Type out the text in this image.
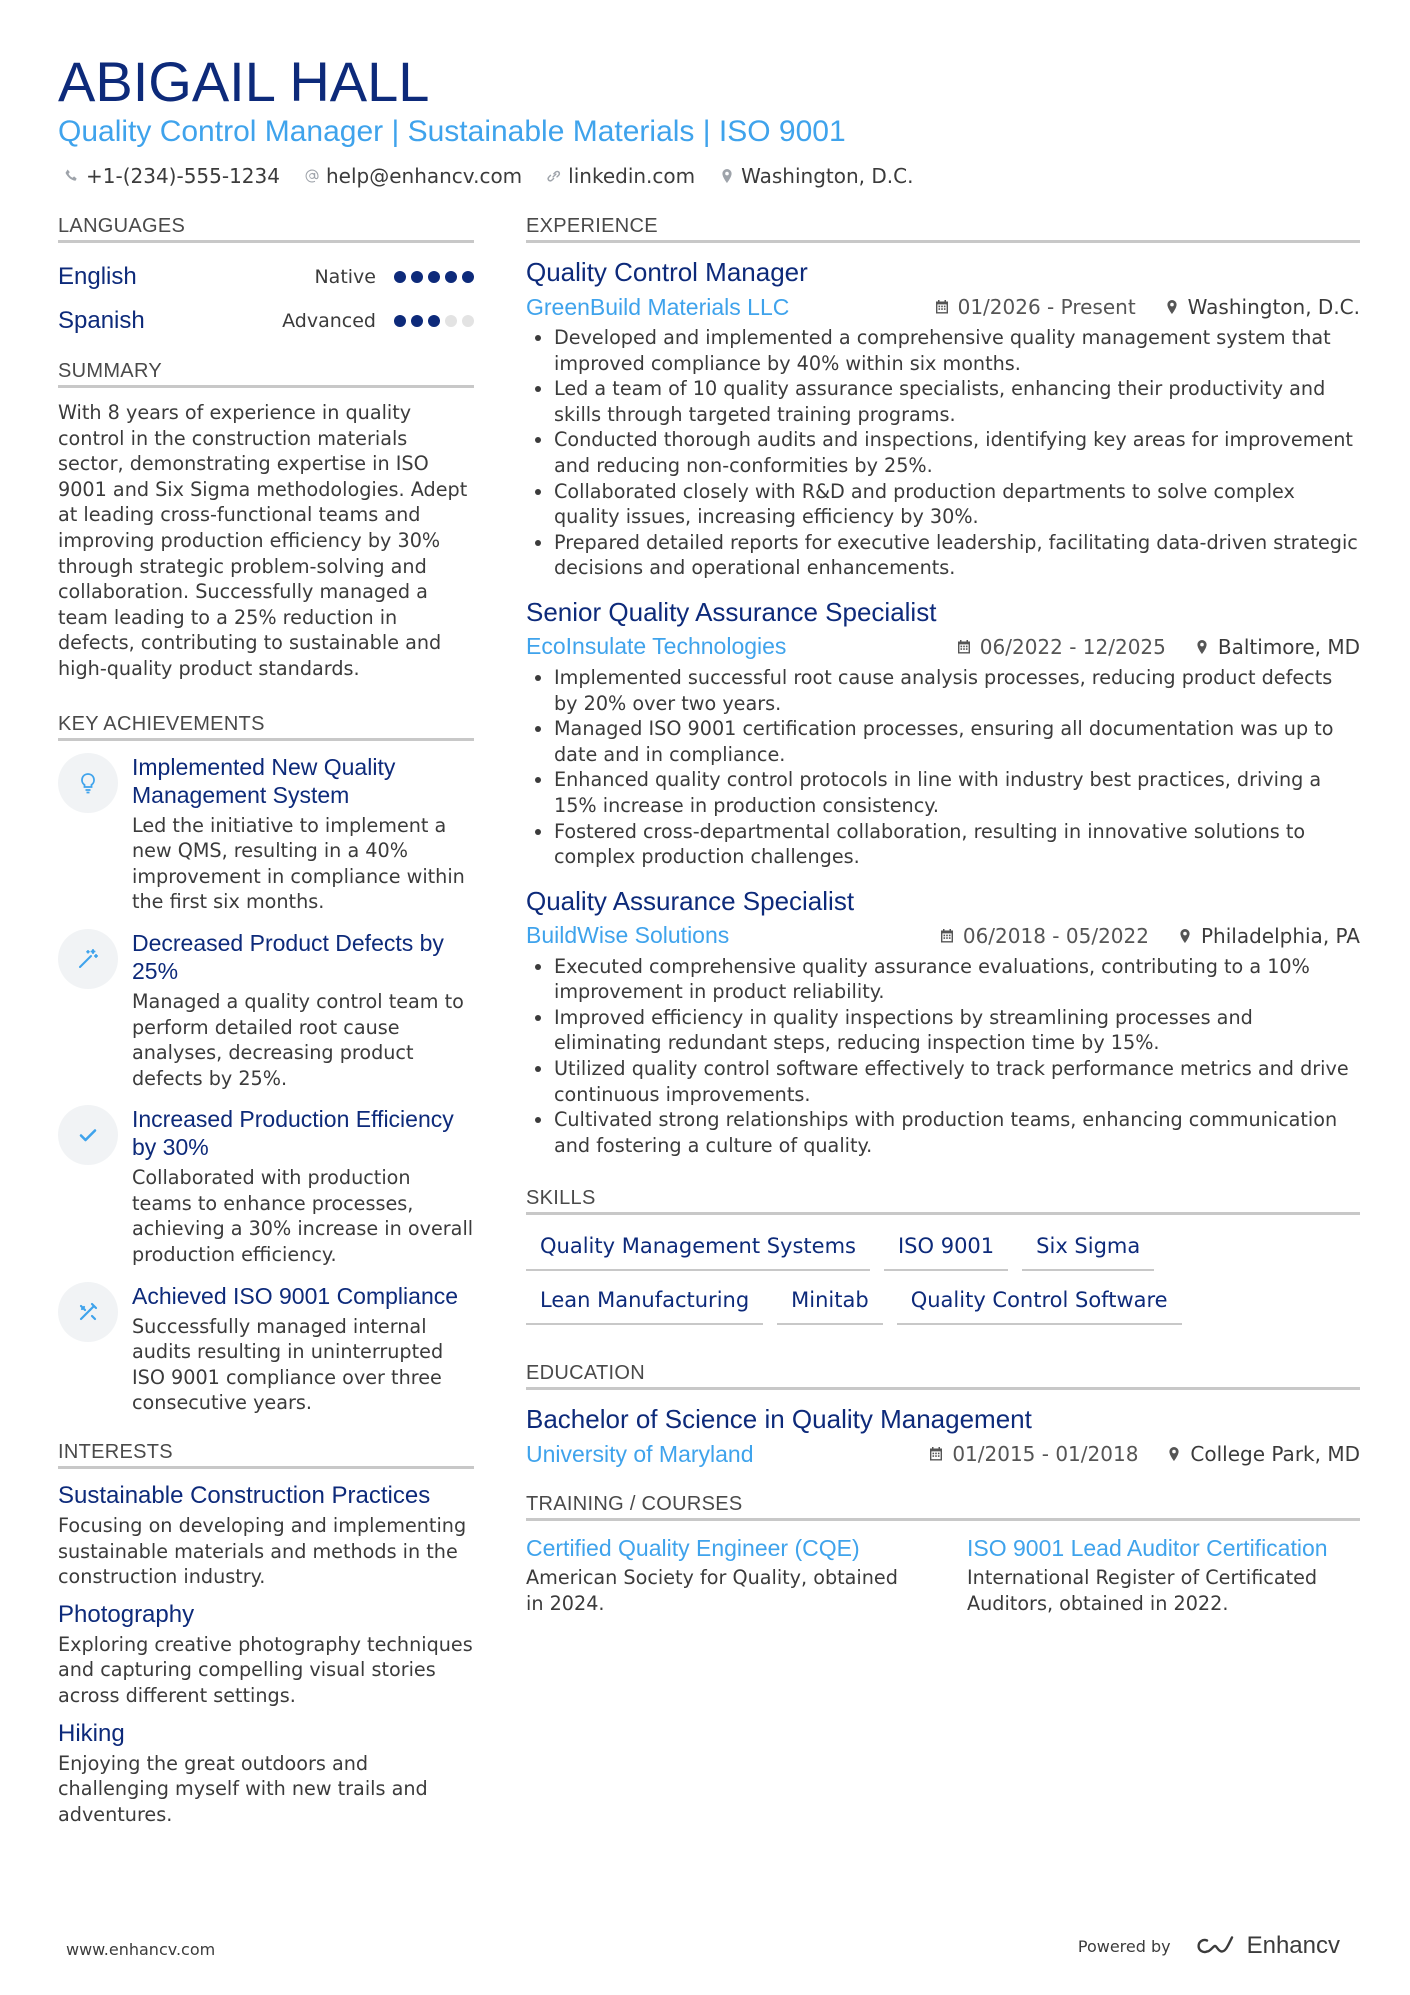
ABIGAIL HALL
Quality Control Manager | Sustainable Materials | ISO 9001
+1-(234)-555-1234 help@enhancv.com linkedin.com Washington, D.C.
LANGUAGES
English	Native
Spanish	Advanced
SUMMARY

With 8 years of experience in quality control in the construction materials sector, demonstrating expertise in ISO 9001 and Six Sigma methodologies. Adept at leading cross-functional teams and improving production efficiency by 30% through strategic problem-solving and collaboration. Successfully managed a team leading to a 25% reduction in defects, contributing to sustainable and high-quality product standards.

KEY ACHIEVEMENTS
Implemented New Quality Management System

Led the initiative to implement a new QMS, resulting in a 40% improvement in compliance within the first six months.

Decreased Product Defects by 25%

Managed a quality control team to perform detailed root cause analyses, decreasing product defects by 25%.

Increased Production Efficiency by 30%

Collaborated with production teams to enhance processes, achieving a 30% increase in overall production efficiency.

Achieved ISO 9001 Compliance

Successfully managed internal audits resulting in uninterrupted ISO 9001 compliance over three consecutive years.

INTERESTS
Sustainable Construction Practices

Focusing on developing and implementing sustainable materials and methods in the construction industry.

Photography

Exploring creative photography techniques and capturing compelling visual stories across different settings.

Hiking

Enjoying the great outdoors and challenging myself with new trails and adventures.

EXPERIENCE
Quality Control Manager
GreenBuild Materials LLC	01/2026 - Present	Washington, D.C.
• Developed and implemented a comprehensive quality management system that improved compliance by 40% within six months.
• Led a team of 10 quality assurance specialists, enhancing their productivity and skills through targeted training programs.
• Conducted thorough audits and inspections, identifying key areas for improvement and reducing non-conformities by 25%.
• Collaborated closely with R&D and production departments to solve complex quality issues, increasing efficiency by 30%.
• Prepared detailed reports for executive leadership, facilitating data-driven strategic decisions and operational enhancements.
Senior Quality Assurance Specialist
EcoInsulate Technologies	06/2022 - 12/2025	Baltimore, MD
• Implemented successful root cause analysis processes, reducing product defects by 20% over two years.
• Managed ISO 9001 certification processes, ensuring all documentation was up to date and in compliance.
• Enhanced quality control protocols in line with industry best practices, driving a 15% increase in production consistency.
• Fostered cross-departmental collaboration, resulting in innovative solutions to complex production challenges.
Quality Assurance Specialist
BuildWise Solutions	06/2018 - 05/2022	Philadelphia, PA
• Executed comprehensive quality assurance evaluations, contributing to a 10% improvement in product reliability.
• Improved efficiency in quality inspections by streamlining processes and eliminating redundant steps, reducing inspection time by 15%.
• Utilized quality control software effectively to track performance metrics and drive continuous improvements.
• Cultivated strong relationships with production teams, enhancing communication and fostering a culture of quality.
SKILLS
Quality Management Systems	ISO 9001	Six Sigma
Lean Manufacturing	Minitab	Quality Control Software
EDUCATION
Bachelor of Science in Quality Management
University of Maryland	01/2015 - 01/2018	College Park, MD
TRAINING / COURSES
Certified Quality Engineer (CQE)

American Society for Quality, obtained in 2024.

ISO 9001 Lead Auditor Certification

International Register of Certificated Auditors, obtained in 2022.

www.enhancv.com	Powered by	Enhancv
